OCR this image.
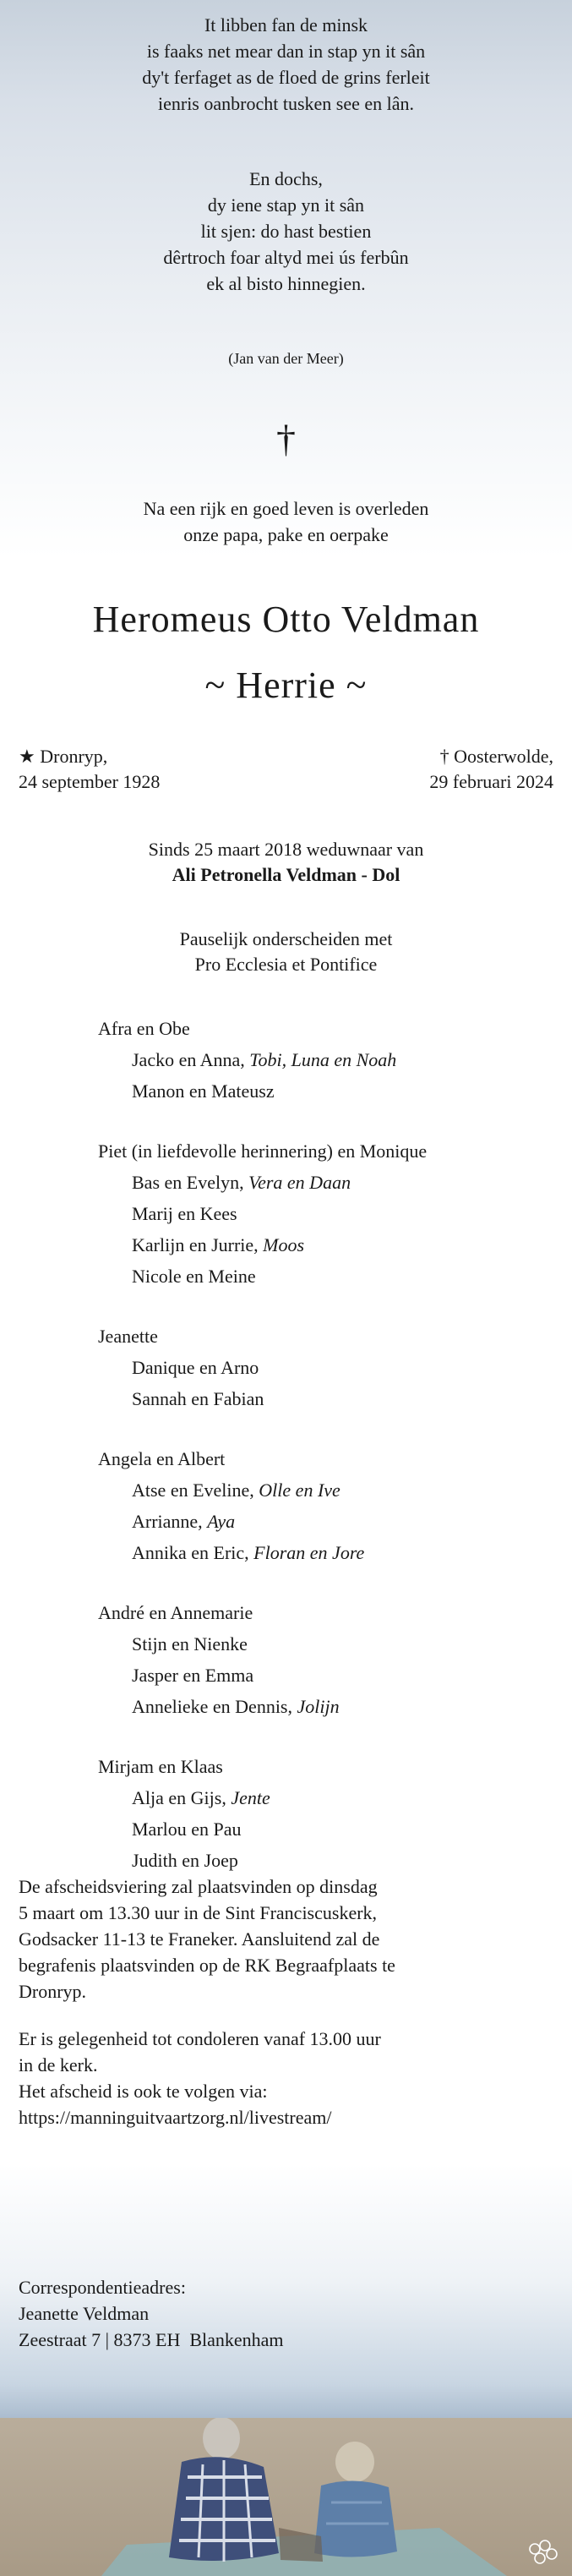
It libben fan de minsk
is faaks net mear dan in stap yn it sân
dy't ferfaget as de floed de grins ferleit
ienris oanbrocht tusken see en lân.
En dochs,
dy iene stap yn it sân
lit sjen: do hast bestien
dêrtroch foar altyd mei ús ferbûn
ek al bisto hinnegien.
(Jan van der Meer)
†
Na een rijk en goed leven is overleden
onze papa, pake en oerpake
Heromeus Otto Veldman
~ Herrie ~
★ Dronryp,
24 september 1928
† Oosterwolde,
29 februari 2024
Sinds 25 maart 2018 weduwnaar van
Ali Petronella Veldman - Dol
Pauselijk onderscheiden met
Pro Ecclesia et Pontifice
Afra en Obe
Jacko en Anna, Tobi, Luna en Noah
Manon en Mateusz
Piet (in liefdevolle herinnering) en Monique
Bas en Evelyn, Vera en Daan
Marij en Kees
Karlijn en Jurrie, Moos
Nicole en Meine
Jeanette
Danique en Arno
Sannah en Fabian
Angela en Albert
Atse en Eveline, Olle en Ive
Arrianne, Aya
Annika en Eric, Floran en Jore
André en Annemarie
Stijn en Nienke
Jasper en Emma
Annelieke en Dennis, Jolijn
Mirjam en Klaas
Alja en Gijs, Jente
Marlou en Pau
Judith en Joep
De afscheidsviering zal plaatsvinden op dinsdag
5 maart om 13.30 uur in de Sint Franciscuskerk,
Godsacker 11-13 te Franeker. Aansluitend zal de
begrafenis plaatsvinden op de RK Begraafplaats te
Dronryp.
Er is gelegenheid tot condoleren vanaf 13.00 uur
in de kerk.
Het afscheid is ook te volgen via:
https://manninguitvaartzorg.nl/livestream/
Correspondentieadres:
Jeanette Veldman
Zeestraat 7 | 8373 EH  Blankenham
